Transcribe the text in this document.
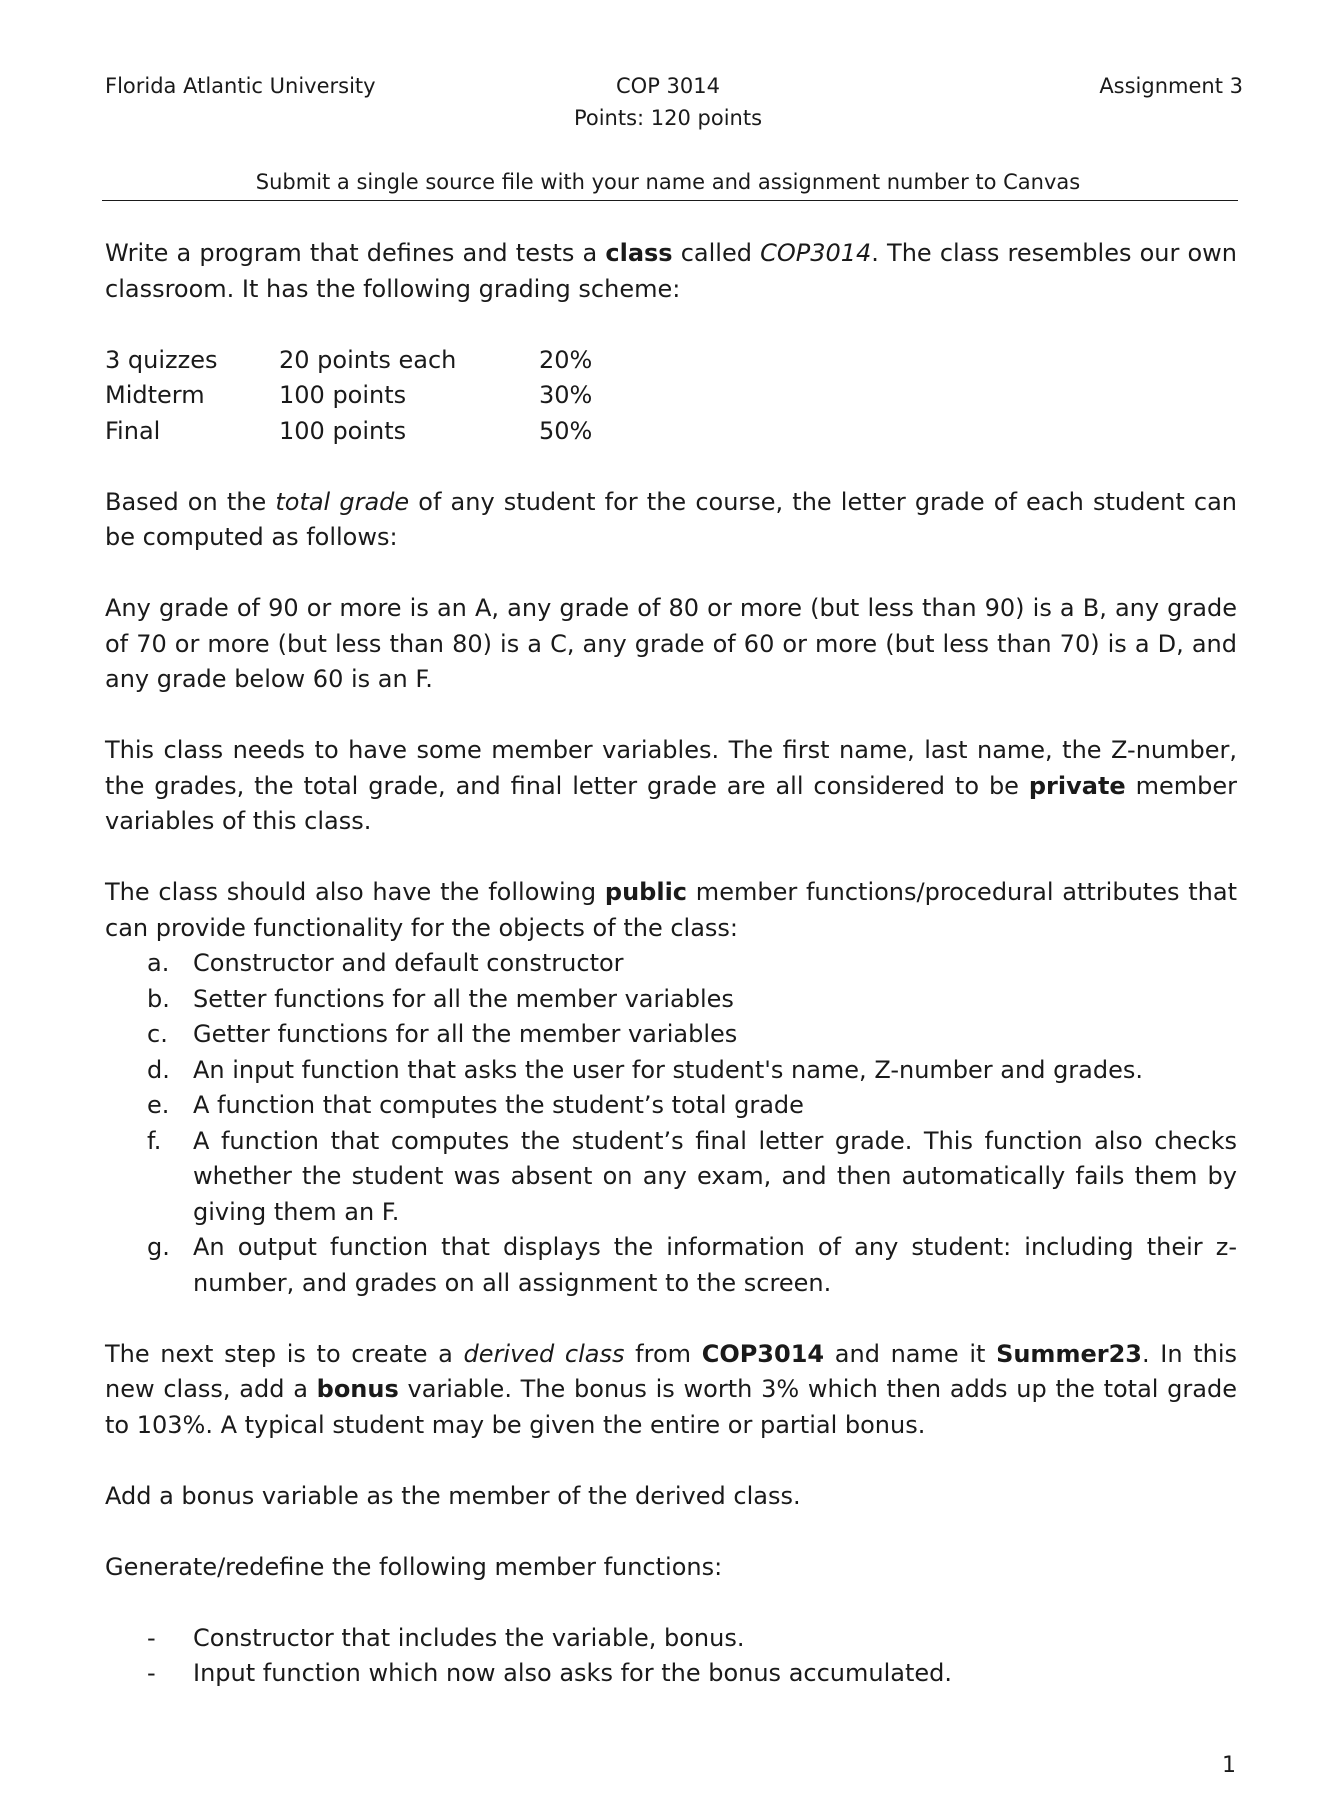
Florida Atlantic University	COP 3014	Assignment 3
Points: 120 points
Submit a single source file with your name and assignment number to Canvas

Write a program that defines and tests a class called COP3014. The class resembles our own classroom. It has the following grading scheme:

3 quizzes	20 points each	20%
Midterm	100 points	30%
Final	100 points	50%

Based on the total grade of any student for the course, the letter grade of each student can be computed as follows:

Any grade of 90 or more is an A, any grade of 80 or more (but less than 90) is a B, any grade of 70 or more (but less than 80) is a C, any grade of 60 or more (but less than 70) is a D, and any grade below 60 is an F.

This class needs to have some member variables. The first name, last name, the Z-number, the grades, the total grade, and final letter grade are all considered to be private member variables of this class.

The class should also have the following public member functions/procedural attributes that can provide functionality for the objects of the class:

a. Constructor and default constructor
b. Setter functions for all the member variables
c. Getter functions for all the member variables
d. An input function that asks the user for student's name, Z-number and grades.
e. A function that computes the student’s total grade
f. A function that computes the student’s final letter grade. This function also checks whether the student was absent on any exam, and then automatically fails them by giving them an F.
g. An output function that displays the information of any student: including their z-number, and grades on all assignment to the screen.

The next step is to create a derived class from COP3014 and name it Summer23. In this new class, add a bonus variable. The bonus is worth 3% which then adds up the total grade to 103%. A typical student may be given the entire or partial bonus.

Add a bonus variable as the member of the derived class.

Generate/redefine the following member functions:

- Constructor that includes the variable, bonus.
- Input function which now also asks for the bonus accumulated.
1
